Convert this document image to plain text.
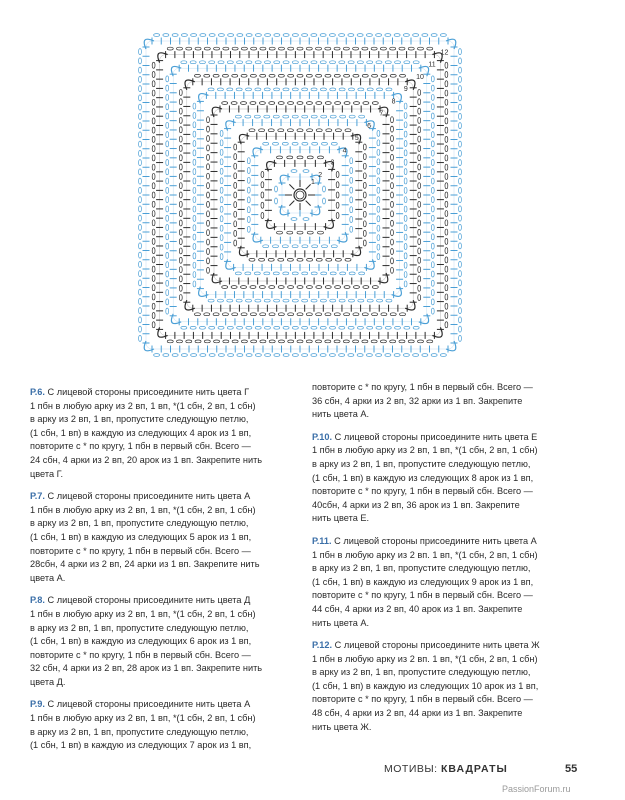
1
2
3
4
5
6
7
8
9
10
11
12
Р.6. С лицевой стороны присоедините нить цвета Г
1 пбн в любую арку из 2 вп, 1 вп, *(1 сбн, 2 вп, 1 сбн)
в арку из 2 вп, 1 вп, пропустите следующую петлю,
(1 сбн, 1 вп) в каждую из следующих 4 арок из 1 вп,
повторите с * по кругу, 1 пбн в первый сбн. Всего —
24 сбн, 4 арки из 2 вп, 20 арок из 1 вп. Закрепите нить
цвета Г.
Р.7. С лицевой стороны присоедините нить цвета А
1 пбн в любую арку из 2 вп, 1 вп, *(1 сбн, 2 вп, 1 сбн)
в арку из 2 вп, 1 вп, пропустите следующую петлю,
(1 сбн, 1 вп) в каждую из следующих 5 арок из 1 вп,
повторите с * по кругу, 1 пбн в первый сбн. Всего —
28сбн, 4 арки из 2 вп, 24 арки из 1 вп. Закрепите нить
цвета А.
Р.8. С лицевой стороны присоедините нить цвета Д
1 пбн в любую арку из 2 вп, 1 вп, *(1 сбн, 2 вп, 1 сбн)
в арку из 2 вп, 1 вп, пропустите следующую петлю,
(1 сбн, 1 вп) в каждую из следующих 6 арок из 1 вп,
повторите с * по кругу, 1 пбн в первый сбн. Всего —
32 сбн, 4 арки из 2 вп, 28 арок из 1 вп. Закрепите нить
цвета Д.
Р.9. С лицевой стороны присоедините нить цвета А
1 пбн в любую арку из 2 вп, 1 вп, *(1 сбн, 2 вп, 1 сбн)
в арку из 2 вп, 1 вп, пропустите следующую петлю,
(1 сбн, 1 вп) в каждую из следующих 7 арок из 1 вп,
повторите с * по кругу, 1 пбн в первый сбн. Всего —
36 сбн, 4 арки из 2 вп, 32 арки из 1 вп. Закрепите
нить цвета А.
Р.10. С лицевой стороны присоедините нить цвета Е
1 пбн в любую арку из 2 вп, 1 вп, *(1 сбн, 2 вп, 1 сбн)
в арку из 2 вп, 1 вп, пропустите следующую петлю,
(1 сбн, 1 вп) в каждую из следующих 8 арок из 1 вп,
повторите с * по кругу, 1 пбн в первый сбн. Всего —
40сбн, 4 арки из 2 вп, 36 арок из 1 вп. Закрепите
нить цвета Е.
Р.11. С лицевой стороны присоедините нить цвета А
1 пбн в любую арку из 2 вп. 1 вп, *(1 сбн, 2 вп, 1 сбн)
в арку из 2 вп, 1 вп, пропустите следующую петлю,
(1 сбн, 1 вп) в каждую из следующих 9 арок из 1 вп,
повторите с * по кругу, 1 пбн в первый сбн. Всего —
44 сбн, 4 арки из 2 вп, 40 арок из 1 вп. Закрепите
нить цвета А.
Р.12. С лицевой стороны присоедините нить цвета Ж
1 пбн в любую арку из 2 вп. 1 вп, *(1 сбн, 2 вп, 1 сбн)
в арку из 2 вп, 1 вп, пропустите следующую петлю,
(1 сбн, 1 вп) в каждую из следующих 10 арок из 1 вп,
повторите с * по кругу, 1 пбн в первый сбн. Всего —
48 сбн, 4 арки из 2 вп, 44 арки из 1 вп. Закрепите
нить цвета Ж.
МОТИВЫ: КВАДРАТЫ	55
PassionForum.ru
